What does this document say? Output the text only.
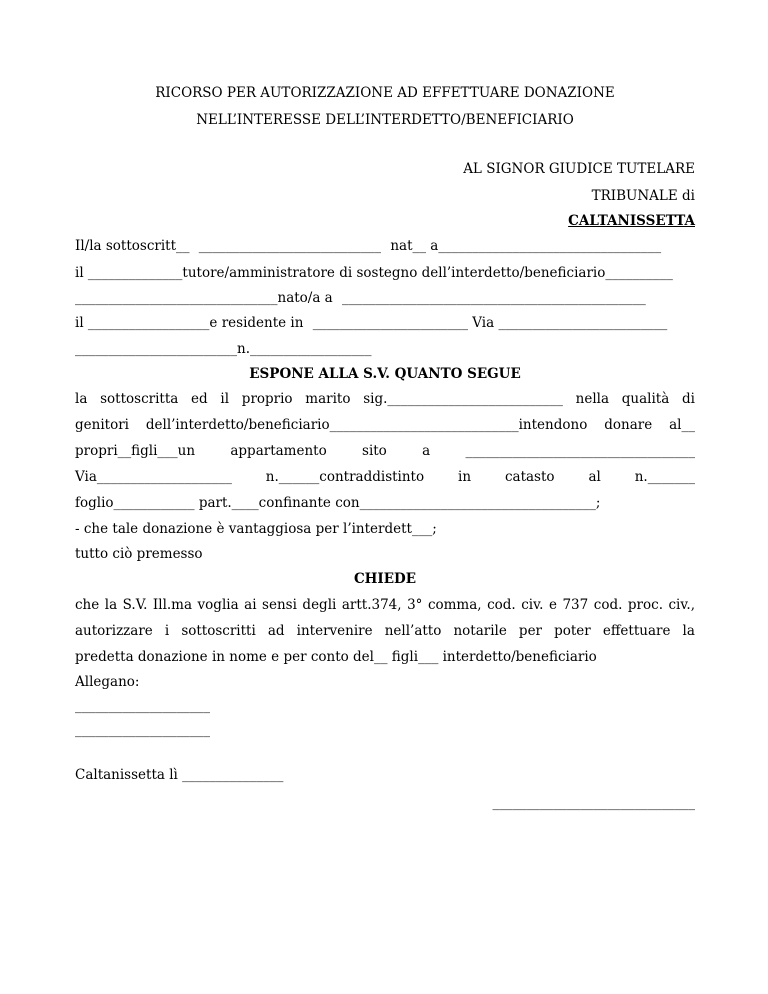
RICORSO PER AUTORIZZAZIONE AD EFFETTUARE DONAZIONE
NELL’INTERESSE DELL’INTERDETTO/BENEFICIARIO
AL SIGNOR GIUDICE TUTELARE
TRIBUNALE di
CALTANISSETTA
Il/la sottoscritt__ ___________________________ nat__ a_________________________________
il ______________tutore/amministratore di sostegno dell’interdetto/beneficiario__________
______________________________nato/a a _____________________________________________
il __________________e residente in _______________________ Via _________________________
________________________n.__________________
ESPONE ALLA S.V. QUANTO SEGUE
la sottoscritta ed il proprio marito sig.__________________________ nella qualità di
genitori dell’interdetto/beneficiario____________________________intendono donare al__
propri__figli___un	appartamento	sito	a	__________________________________
Via____________________	n.______contraddistinto	in	catasto	al	n._______
foglio____________ part.____confinante con___________________________________;
- che tale donazione è vantaggiosa per l’interdett___;
tutto ciò premesso
CHIEDE
che la S.V. Ill.ma voglia ai sensi degli artt.374, 3° comma, cod. civ. e 737 cod. proc. civ.,
autorizzare i sottoscritti ad intervenire nell’atto notarile per poter effettuare la
predetta donazione in nome e per conto del__ figli___ interdetto/beneficiario
Allegano:
____________________
____________________
Caltanissetta lì _______________
______________________________
